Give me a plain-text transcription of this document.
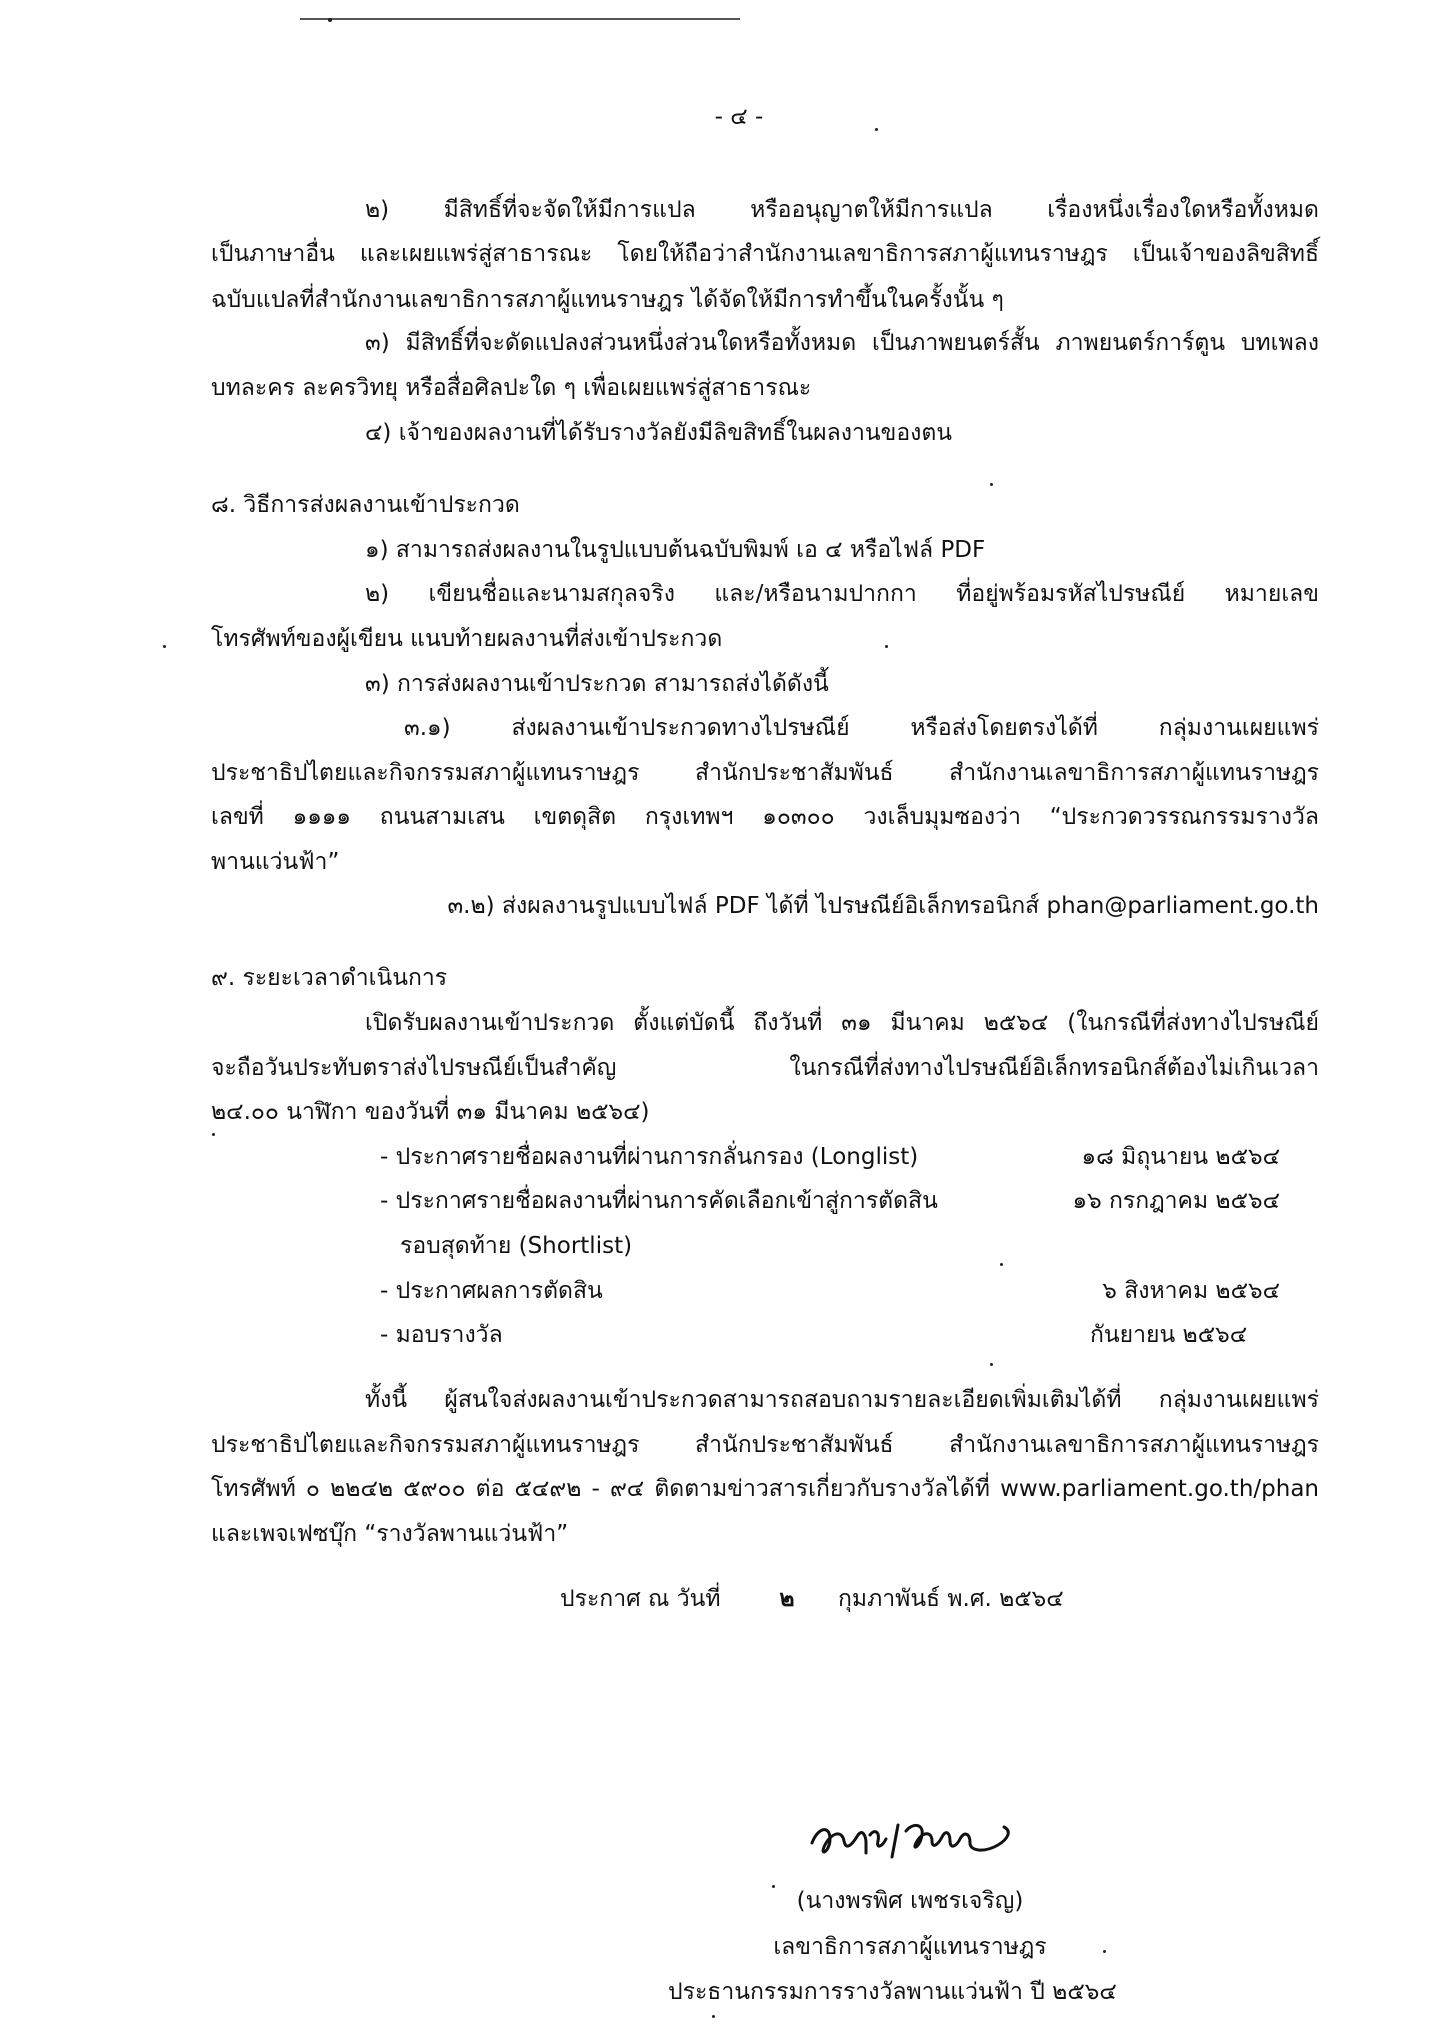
- ๔ -
๒) มีสิทธิ์ที่จะจัดให้มีการแปล หรืออนุญาตให้มีการแปล เรื่องหนึ่งเรื่องใดหรือทั้งหมด
เป็นภาษาอื่น และเผยแพร่สู่สาธารณะ โดยให้ถือว่าสำนักงานเลขาธิการสภาผู้แทนราษฎร เป็นเจ้าของลิขสิทธิ์
ฉบับแปลที่สำนักงานเลขาธิการสภาผู้แทนราษฎร ได้จัดให้มีการทำขึ้นในครั้งนั้น ๆ
๓) มีสิทธิ์ที่จะดัดแปลงส่วนหนึ่งส่วนใดหรือทั้งหมด เป็นภาพยนตร์สั้น ภาพยนตร์การ์ตูน บทเพลง
บทละคร ละครวิทยุ หรือสื่อศิลปะใด ๆ เพื่อเผยแพร่สู่สาธารณะ
๔) เจ้าของผลงานที่ได้รับรางวัลยังมีลิขสิทธิ์ในผลงานของตน
๘. วิธีการส่งผลงานเข้าประกวด
๑) สามารถส่งผลงานในรูปแบบต้นฉบับพิมพ์ เอ ๔ หรือไฟล์ PDF
๒) เขียนชื่อและนามสกุลจริง และ/หรือนามปากกา ที่อยู่พร้อมรหัสไปรษณีย์ หมายเลข
โทรศัพท์ของผู้เขียน แนบท้ายผลงานที่ส่งเข้าประกวด
๓) การส่งผลงานเข้าประกวด สามารถส่งได้ดังนี้
๓.๑) ส่งผลงานเข้าประกวดทางไปรษณีย์ หรือส่งโดยตรงได้ที่ กลุ่มงานเผยแพร่
ประชาธิปไตยและกิจกรรมสภาผู้แทนราษฎร สำนักประชาสัมพันธ์ สำนักงานเลขาธิการสภาผู้แทนราษฎร
เลขที่ ๑๑๑๑ ถนนสามเสน เขตดุสิต กรุงเทพฯ ๑๐๓๐๐ วงเล็บมุมซองว่า “ประกวดวรรณกรรมรางวัล
พานแว่นฟ้า”
๓.๒) ส่งผลงานรูปแบบไฟล์ PDF ได้ที่ ไปรษณีย์อิเล็กทรอนิกส์ phan@parliament.go.th
๙. ระยะเวลาดำเนินการ
เปิดรับผลงานเข้าประกวด ตั้งแต่บัดนี้ ถึงวันที่ ๓๑ มีนาคม ๒๕๖๔ (ในกรณีที่ส่งทางไปรษณีย์
จะถือวันประทับตราส่งไปรษณีย์เป็นสำคัญ ในกรณีที่ส่งทางไปรษณีย์อิเล็กทรอนิกส์ต้องไม่เกินเวลา
๒๔.๐๐ นาฬิกา ของวันที่ ๓๑ มีนาคม ๒๕๖๔)
- ประกาศรายชื่อผลงานที่ผ่านการกลั่นกรอง (Longlist)	๑๘ มิถุนายน ๒๕๖๔
- ประกาศรายชื่อผลงานที่ผ่านการคัดเลือกเข้าสู่การตัดสิน	๑๖ กรกฎาคม ๒๕๖๔
รอบสุดท้าย (Shortlist)
- ประกาศผลการตัดสิน	๖ สิงหาคม ๒๕๖๔
- มอบรางวัล	กันยายน ๒๕๖๔
ทั้งนี้ ผู้สนใจส่งผลงานเข้าประกวดสามารถสอบถามรายละเอียดเพิ่มเติมได้ที่ กลุ่มงานเผยแพร่
ประชาธิปไตยและกิจกรรมสภาผู้แทนราษฎร สำนักประชาสัมพันธ์ สำนักงานเลขาธิการสภาผู้แทนราษฎร
โทรศัพท์ ๐ ๒๒๔๒ ๕๙๐๐ ต่อ ๕๔๙๒ - ๙๔ ติดตามข่าวสารเกี่ยวกับรางวัลได้ที่ www.parliament.go.th/phan
และเพจเฟซบุ๊ก “รางวัลพานแว่นฟ้า”
ประกาศ ณ วันที่	๒	กุมภาพันธ์ พ.ศ. ๒๕๖๔
(นางพรพิศ เพชรเจริญ)
เลขาธิการสภาผู้แทนราษฎร
ประธานกรรมการรางวัลพานแว่นฟ้า ปี ๒๕๖๔
